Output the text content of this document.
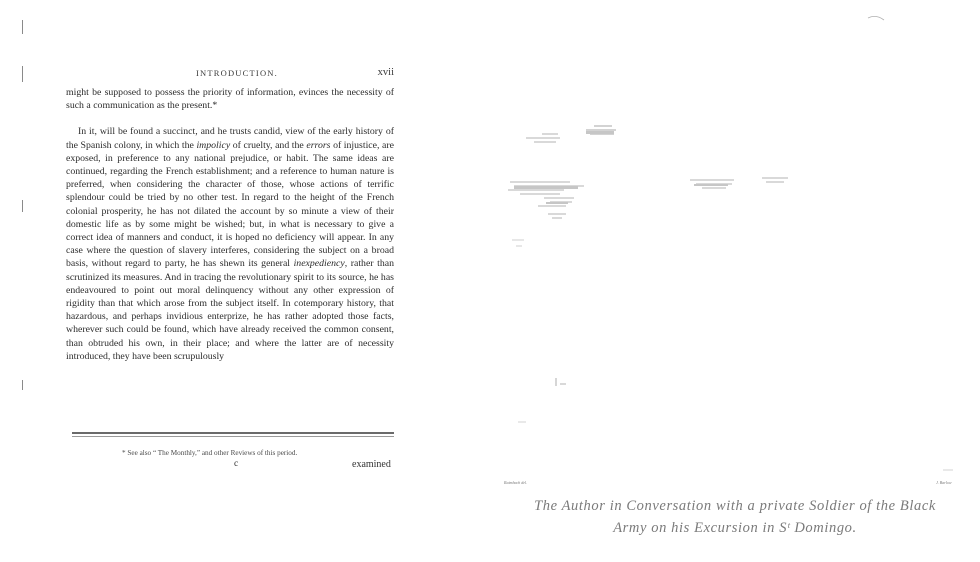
INTRODUCTION.	xvii

might be supposed to possess the priority of information, evinces the necessity of such a communication as the present.*

In it, will be found a succinct, and he trusts candid, view of the early history of the Spanish colony, in which the impolicy of cruelty, and the errors of injustice, are exposed, in preference to any national prejudice, or habit. The same ideas are continued, regarding the French establishment; and a reference to human nature is preferred, when considering the character of those, whose actions of terrific splendour could be tried by no other test. In regard to the height of the French colonial prosperity, he has not dilated the account by so minute a view of their domestic life as by some might be wished; but, in what is necessary to give a correct idea of manners and conduct, it is hoped no deficiency will appear. In any case where the question of slavery interferes, considering the subject on a broad basis, without regard to party, he has shewn its general inexpediency, rather than scrutinized its measures. And in tracing the revolutionary spirit to its source, he has endeavoured to point out moral delinquency without any other expression of rigidity than that which arose from the subject itself. In cotemporary history, that hazardous, and perhaps invidious enterprize, he has rather adopted those facts, wherever such could be found, which have already received the common consent, than obtruded his own, in their place; and where the latter are of necessity introduced, they have been scrupulously

* See also “ The Monthly,” and other Reviews of this period.
c	examined
Raimbach del.	J. Barlow
The Author in Conversation with a private Soldier of the Black
Army on his Excursion in Sᵗ Domingo.
